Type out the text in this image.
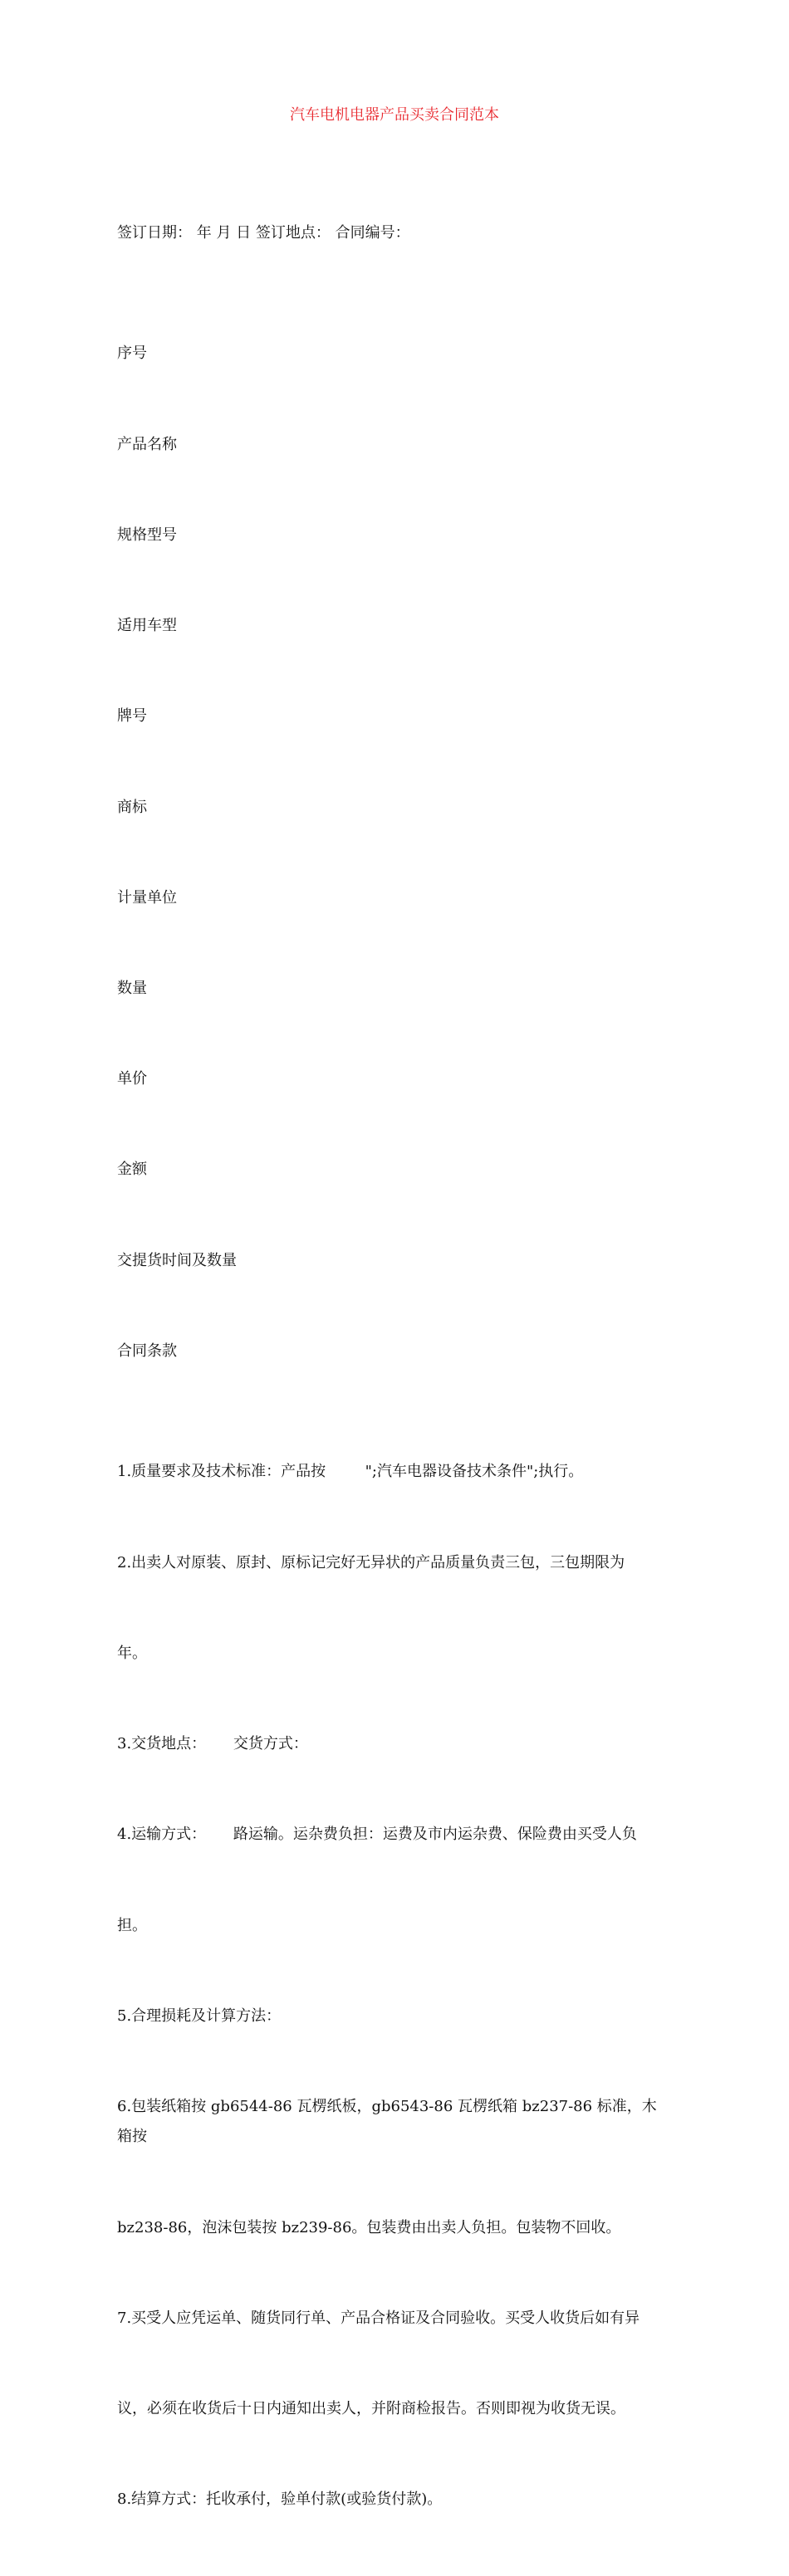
汽车电机电器产品买卖合同范本

签订日期： 年 月 日 签订地点： 合同编号：

序号

产品名称

规格型号

适用车型

牌号

商标

计量单位

数量

单价

金额

交提货时间及数量

合同条款

1.质量要求及技术标准：产品按 　　 ";汽车电器设备技术条件";执行。

2.出卖人对原装、原封、原标记完好无异状的产品质量负责三包，三包期限为

年。

3.交货地点：　　 交货方式：

4.运输方式：　　 路运输。运杂费负担：运费及市内运杂费、保险费由买受人负

担。

5.合理损耗及计算方法：

6.包装纸箱按 gb6544-86 瓦楞纸板，gb6543-86 瓦楞纸箱 bz237-86 标准，木箱按

bz238-86，泡沫包装按 bz239-86。包装费由出卖人负担。包装物不回收。

7.买受人应凭运单、随货同行单、产品合格证及合同验收。买受人收货后如有异

议，必须在收货后十日内通知出卖人，并附商检报告。否则即视为收货无误。

8.结算方式：托收承付，验单付款(或验货付款)。
